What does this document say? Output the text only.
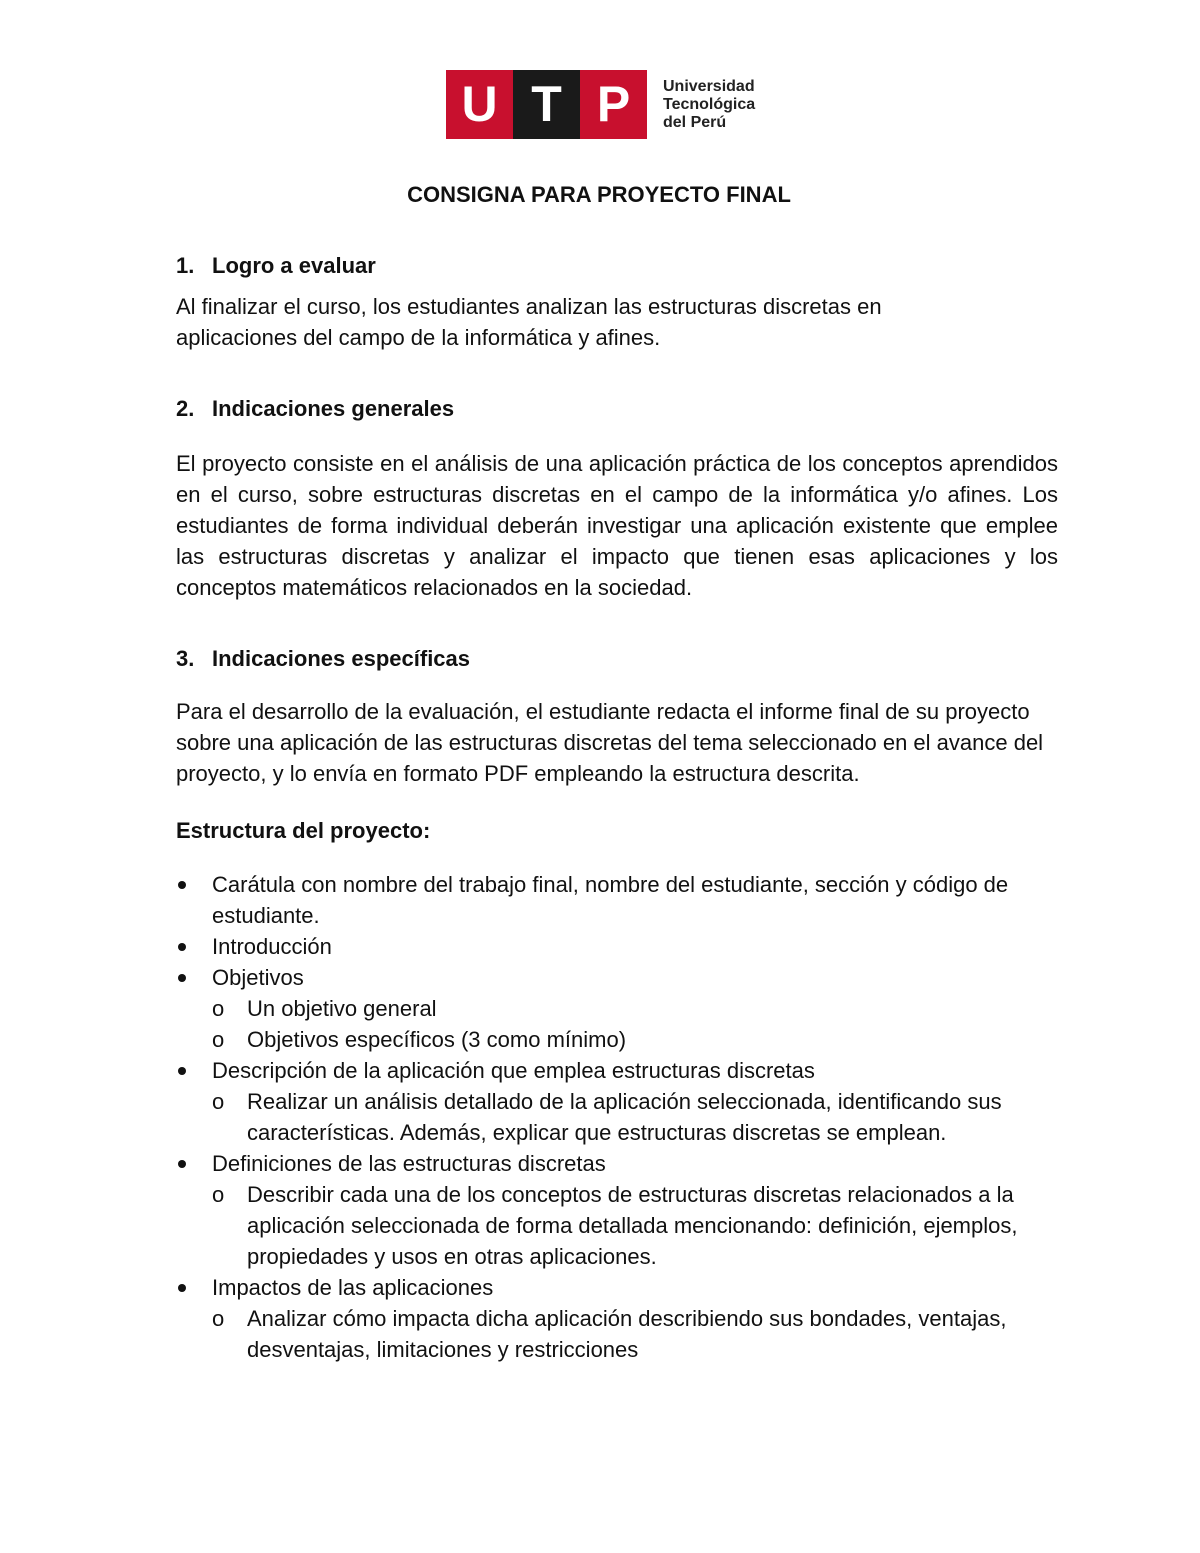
U T P	Universidad
Tecnológica
del Perú
CONSIGNA PARA PROYECTO FINAL
1. Logro a evaluar

Al finalizar el curso, los estudiantes analizan las estructuras discretas en aplicaciones del campo de la informática y afines.

2. Indicaciones generales

El proyecto consiste en el análisis de una aplicación práctica de los conceptos aprendidos en el curso, sobre estructuras discretas en el campo de la informática y/o afines. Los estudiantes de forma individual deberán investigar una aplicación existente que emplee las estructuras discretas y analizar el impacto que tienen esas aplicaciones y los conceptos matemáticos relacionados en la sociedad.

3. Indicaciones específicas

Para el desarrollo de la evaluación, el estudiante redacta el informe final de su proyecto sobre una aplicación de las estructuras discretas del tema seleccionado en el avance del proyecto, y lo envía en formato PDF empleando la estructura descrita.

Estructura del proyecto:
Carátula con nombre del trabajo final, nombre del estudiante, sección y código de estudiante.
Introducción
Objetivos
o Un objetivo general
o Objetivos específicos (3 como mínimo)
Descripción de la aplicación que emplea estructuras discretas
o Realizar un análisis detallado de la aplicación seleccionada, identificando sus características. Además, explicar que estructuras discretas se emplean.
Definiciones de las estructuras discretas
o Describir cada una de los conceptos de estructuras discretas relacionados a la aplicación seleccionada de forma detallada mencionando: definición, ejemplos, propiedades y usos en otras aplicaciones.
Impactos de las aplicaciones
o Analizar cómo impacta dicha aplicación describiendo sus bondades, ventajas, desventajas, limitaciones y restricciones
